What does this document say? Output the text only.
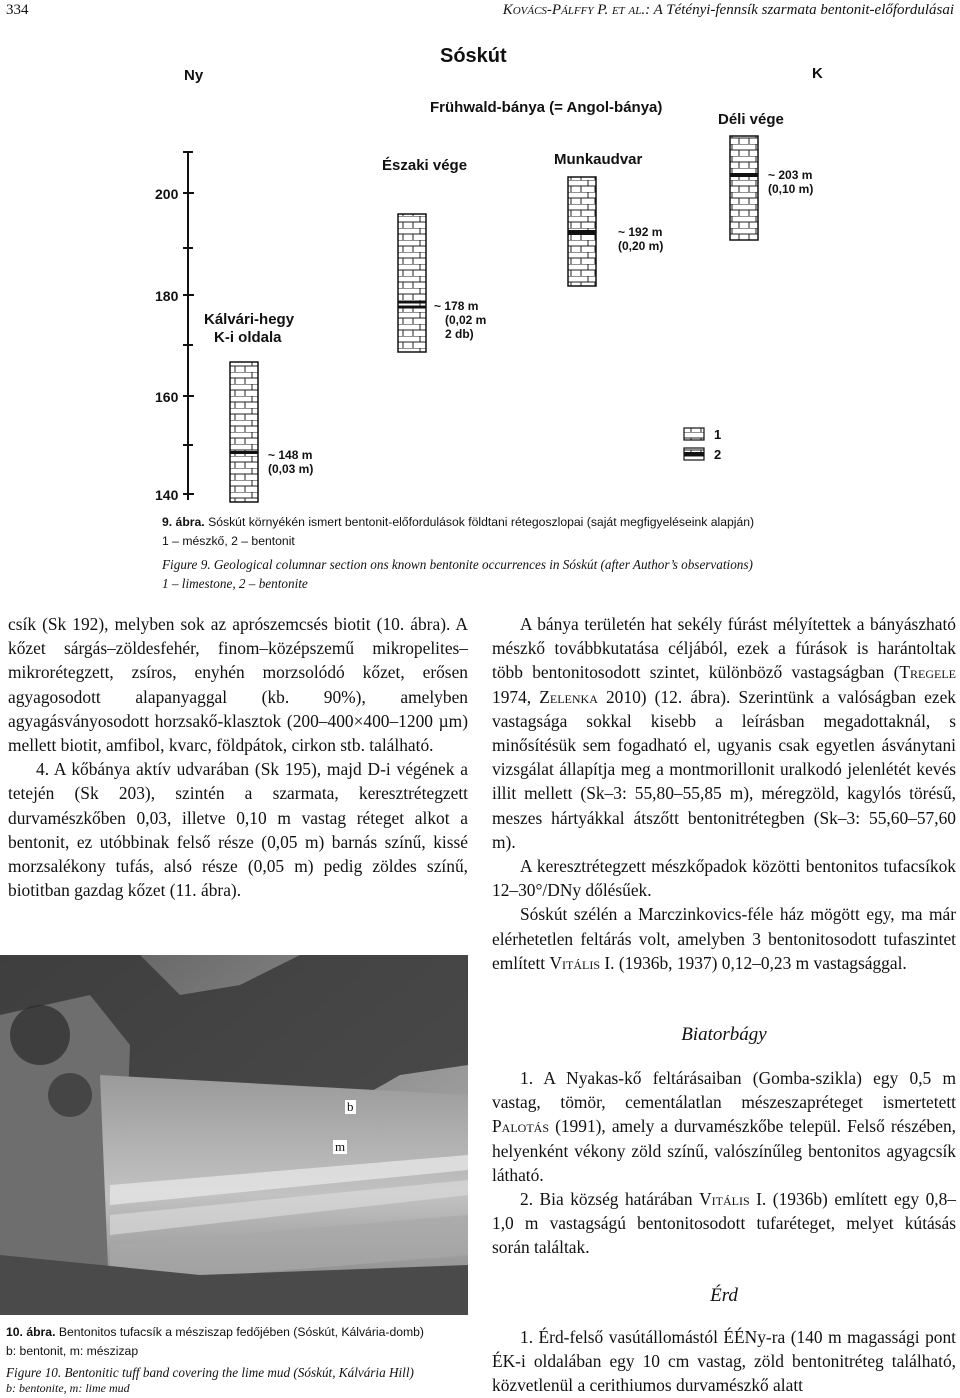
334	Kovács-Pálffy P. et al.: A Tétényi-fennsík szarmata bentonit-előfordulásai
Sóskút
Ny	K
Frühwald-bánya (= Angol-bánya)
Déli vége
Munkaudvar
Északi vége
Kálvári-hegy
K-i oldala
200
180
160
140
~ 148 m
(0,03 m)
~ 178 m
(0,02 m
2 db)
~ 192 m
(0,20 m)
~ 203 m
(0,10 m)
1
2
9. ábra. Sóskút környékén ismert bentonit-előfordulások földtani rétegoszlopai (saját megfigyeléseink alapján)
1 – mészkő, 2 – bentonit
Figure 9. Geological columnar section ons known bentonite occurrences in Sóskút (after Author’s observations)
1 – limestone, 2 – bentonite

csík (Sk 192), melyben sok az aprószemcsés biotit (10. ábra). A kőzet sárgás–zöldesfehér, finom–középszemű mikropelites–mikrorétegzett, zsíros, enyhén morzsolódó kőzet, erősen agyagosodott alapanyaggal (kb. 90%), amelyben agyagásványosodott horzsakő-klasztok (200–400×400–1200 µm) mellett biotit, amfibol, kvarc, földpátok, cirkon stb. található.

4. A kőbánya aktív udvarában (Sk 195), majd D-i végének a tetején (Sk 203), szintén a szarmata, keresztrétegzett durvamészkőben 0,03, illetve 0,10 m vastag réteget alkot a bentonit, ez utóbbinak felső része (0,05 m) barnás színű, kissé morzsalékony tufás, alsó része (0,05 m) pedig zöldes színű, biotitban gazdag kőzet (11. ábra).

b
m
10. ábra. Bentonitos tufacsík a mésziszap fedőjében (Sóskút, Kálvária-domb)
b: bentonit, m: mészizap
Figure 10. Bentonitic tuff band covering the lime mud (Sóskút, Kálvária Hill)
b: bentonite, m: lime mud

A bánya területén hat sekély fúrást mélyítettek a bányászható mészkő továbbkutatása céljából, ezek a fúrások is harántoltak több bentonitosodott szintet, különböző vastagságban (Tregele 1974, Zelenka 2010) (12. ábra). Szerintünk a valóságban ezek vastagsága sokkal kisebb a leírásban megadottaknál, s minősítésük sem fogadható el, ugyanis csak egyetlen ásványtani vizsgálat állapítja meg a montmorillonit uralkodó jelenlétét kevés illit mellett (Sk–3: 55,80–55,85 m), méregzöld, kagylós törésű, meszes hártyákkal átszőtt bentonitrétegben (Sk–3: 55,60–57,60 m).

A keresztrétegzett mészkőpadok közötti bentonitos tufacsíkok 12–30°/DNy dőlésűek.

Sóskút szélén a Marczinkovics-féle ház mögött egy, ma már elérhetetlen feltárás volt, amelyben 3 bentonitosodott tufaszintet említett Vitális I. (1936b, 1937) 0,12–0,23 m vastagsággal.

Biatorbágy

1. A Nyakas-kő feltárásaiban (Gomba-szikla) egy 0,5 m vastag, tömör, cementálatlan mészeszapréteget ismertetett Palotás (1991), amely a durvamészkőbe települ. Felső részében, helyenként vékony zöld színű, valószínűleg bentonitos agyagcsík látható.

2. Bia község határában Vitális I. (1936b) említett egy 0,8–1,0 m vastagságú bentonitosodott tufaréteget, melyet kútásás során találtak.

Érd

1. Érd-felső vasútállomástól ÉÉNy-ra (140 m magassági pont ÉK-i oldalában egy 10 cm vastag, zöld bentonitréteg található, közvetlenül a cerithiumos durvamészkő alatt
